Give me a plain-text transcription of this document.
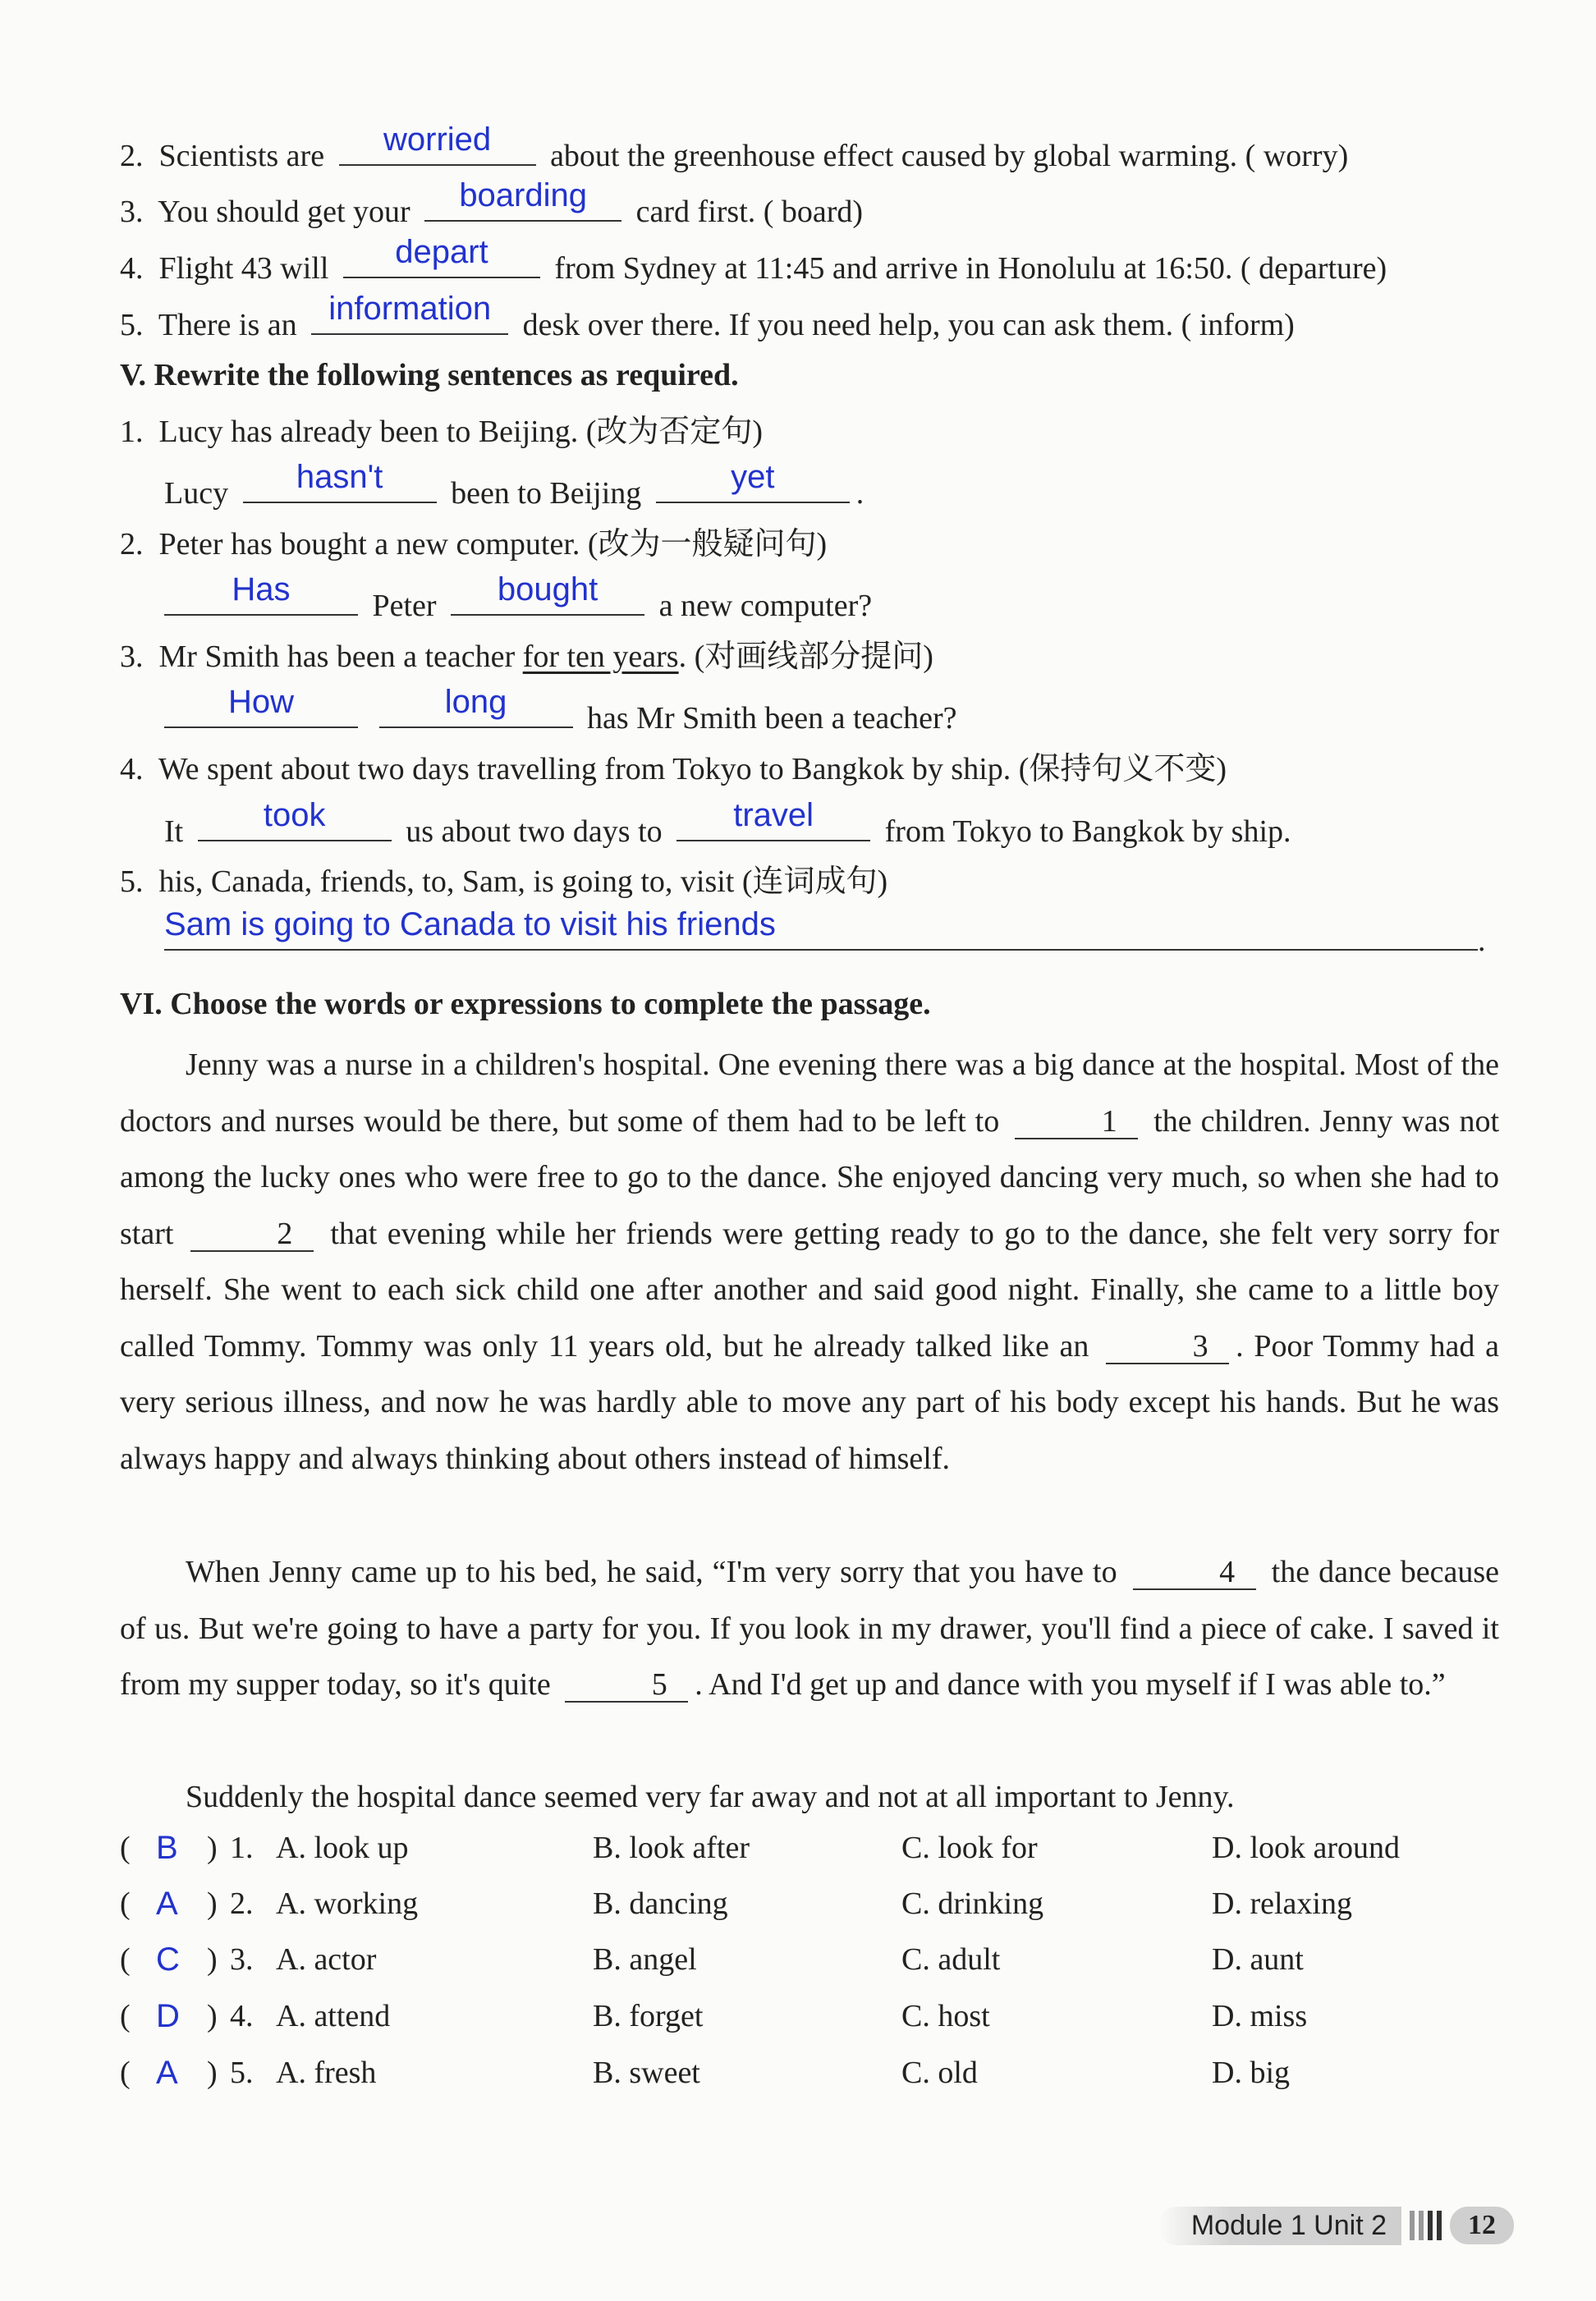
2. Scientists are	worried	about the greenhouse effect caused by global warming. ( worry)
3. You should get your	boarding	card first. ( board)
4. Flight 43 will	depart	from Sydney at 11:45 and arrive in Honolulu at 16:50. ( departure)
5. There is an information	desk over there. If you need help, you can ask them. ( inform)
V. Rewrite the following sentences as required.
1. Lucy has already been to Beijing. (改为否定句)
Lucy	hasn't	been to Beijing	yet	.
2. Peter has bought a new computer. (改为一般疑问句)
Has	Peter	bought	a new computer?
3. Mr Smith has been a teacher for ten years. (对画线部分提问)
How
	long	has Mr Smith been a teacher?
4. We spent about two days travelling from Tokyo to Bangkok by ship. (保持句义不变)
It	took	us about two days to	travel	from Tokyo to Bangkok by ship.
5. his, Canada, friends, to, Sam, is going to, visit (连词成句)
Sam is going to Canada to visit his friends	.
VI. Choose the words or expressions to complete the passage.
Jenny was a nurse in a children's hospital. One evening there was a big dance at the hospital. Most of the doctors and nurses would be there, but some of them had to be left to	1 the children. Jenny was not among the lucky ones who were free to go to the dance. She enjoyed dancing very much, so when she had to start	2 that evening while her friends were getting ready to go to the dance, she felt very sorry for herself. She went to each sick child one after another and said good night. Finally, she came to a little boy called Tommy. Tommy was only 11 years old, but he already talked like an	3 . Poor Tommy had a very serious illness, and now he was hardly able to move any part of his body except his hands. But he was always happy and always thinking about others instead of himself.
When Jenny came up to his bed, he said, “I'm very sorry that you have to	4 the dance because of us. But we're going to have a party for you. If you look in my drawer, you'll find a piece of cake. I saved it from my supper today, so it's quite	5 . And I'd get up and dance with you myself if I was able to.”
Suddenly the hospital dance seemed very far away and not at all important to Jenny.
( B ) 1. A. look up	B. look after	C. look for	D. look around
( A ) 2. A. working	B. dancing	C. drinking	D. relaxing
( C ) 3. A. actor	B. angel	C. adult	D. aunt
( D ) 4. A. attend	B. forget	C. host	D. miss
( A ) 5. A. fresh	B. sweet	C. old	D. big
Module 1 Unit 2	12
